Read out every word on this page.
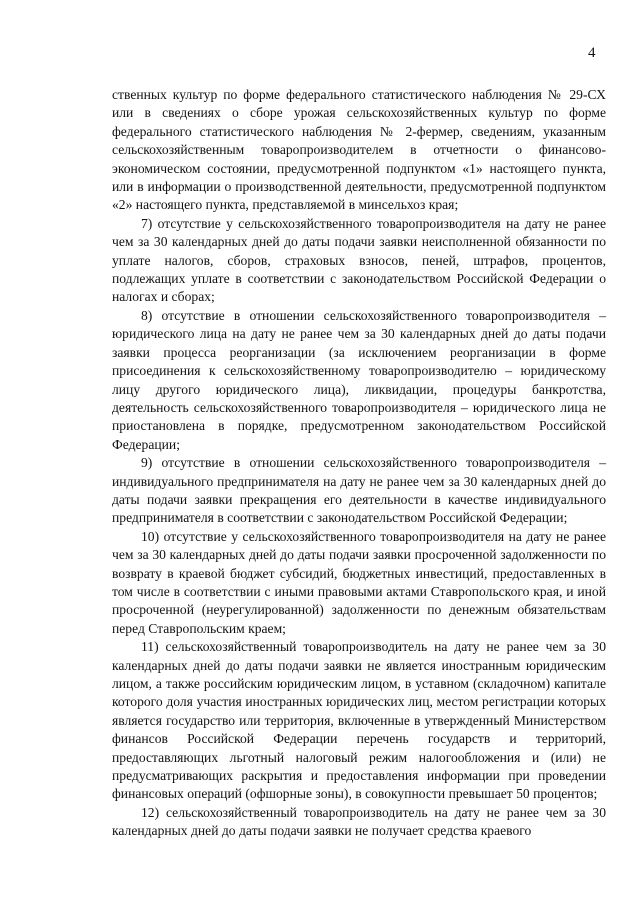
4

ственных культур по форме федерального статистического наблюдения № 29-СХ или в сведениях о сборе урожая сельскохозяйственных культур по форме федерального статистического наблюдения № 2-фермер, сведениям, указанным сельскохозяйственным товаропроизводителем в отчетности о финансово-экономическом состоянии, предусмотренной подпунктом «1» настоящего пункта, или в информации о производственной деятельности, предусмотренной подпунктом «2» настоящего пункта, представляемой в минсельхоз края;

7) отсутствие у сельскохозяйственного товаропроизводителя на дату не ранее чем за 30 календарных дней до даты подачи заявки неисполненной обязанности по уплате налогов, сборов, страховых взносов, пеней, штрафов, процентов, подлежащих уплате в соответствии с законодательством Российской Федерации о налогах и сборах;

8) отсутствие в отношении сельскохозяйственного товаропроизводителя – юридического лица на дату не ранее чем за 30 календарных дней до даты подачи заявки процесса реорганизации (за исключением реорганизации в форме присоединения к сельскохозяйственному товаропроизводителю – юридическому лицу другого юридического лица), ликвидации, процедуры банкротства, деятельность сельскохозяйственного товаропроизводителя – юридического лица не приостановлена в порядке, предусмотренном законодательством Российской Федерации;

9) отсутствие в отношении сельскохозяйственного товаропроизводителя – индивидуального предпринимателя на дату не ранее чем за 30 календарных дней до даты подачи заявки прекращения его деятельности в качестве индивидуального предпринимателя в соответствии с законодательством Российской Федерации;

10) отсутствие у сельскохозяйственного товаропроизводителя на дату не ранее чем за 30 календарных дней до даты подачи заявки просроченной задолженности по возврату в краевой бюджет субсидий, бюджетных инвестиций, предоставленных в том числе в соответствии с иными правовыми актами Ставропольского края, и иной просроченной (неурегулированной) задолженности по денежным обязательствам перед Ставропольским краем;

11) сельскохозяйственный товаропроизводитель на дату не ранее чем за 30 календарных дней до даты подачи заявки не является иностранным юридическим лицом, а также российским юридическим лицом, в уставном (складочном) капитале которого доля участия иностранных юридических лиц, местом регистрации которых является государство или территория, включенные в утвержденный Министерством финансов Российской Федерации перечень государств и территорий, предоставляющих льготный налоговый режим налогообложения и (или) не предусматривающих раскрытия и предоставления информации при проведении финансовых операций (офшорные зоны), в совокупности превышает 50 процентов;

12) сельскохозяйственный товаропроизводитель на дату не ранее чем за 30 календарных дней до даты подачи заявки не получает средства краевого
